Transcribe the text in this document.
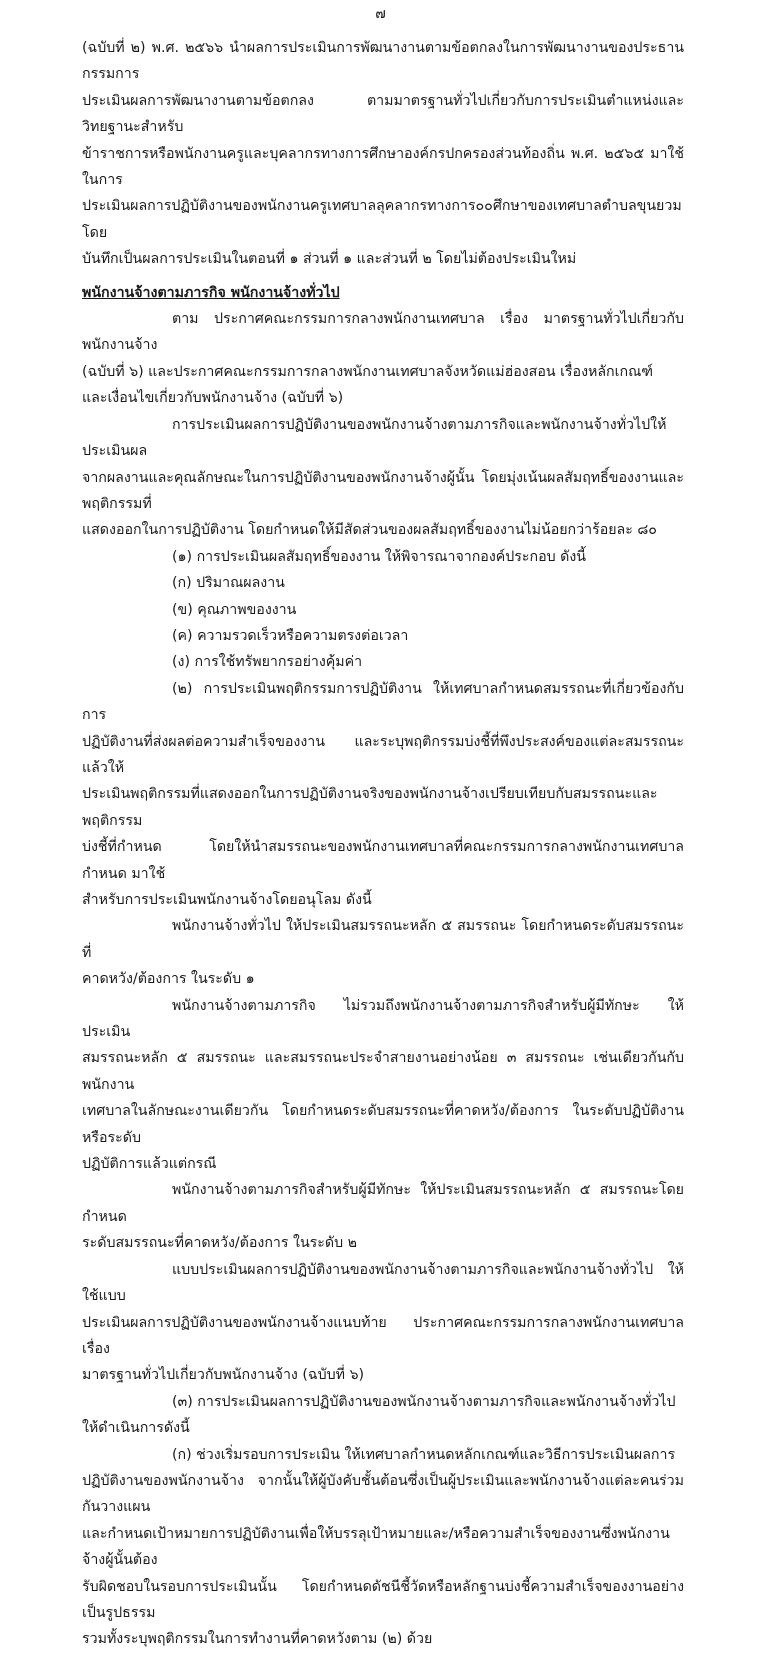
๗
(ฉบับที่ ๒) พ.ศ. ๒๕๖๖ นำผลการประเมินการพัฒนางานตามข้อตกลงในการพัฒนางานของประธานกรรมการ
ประเมินผลการพัฒนางานตามข้อตกลง ตามมาตรฐานทั่วไปเกี่ยวกับการประเมินตำแหน่งและวิทยฐานะสำหรับ
ข้าราชการหรือพนักงานครูและบุคลากรทางการศึกษาองค์กรปกครองส่วนท้องถิ่น พ.ศ. ๒๕๖๕ มาใช้ในการ
ประเมินผลการปฏิบัติงานของพนักงานครูเทศบาลลุคลากรทางการ๐๐ศึกษาของเทศบาลตำบลขุนยวม โดย
บันทึกเป็นผลการประเมินในตอนที่ ๑ ส่วนที่ ๑ และส่วนที่ ๒ โดยไม่ต้องประเมินใหม่
พนักงานจ้างตามภารกิจ พนักงานจ้างทั่วไป
ตาม ประกาศคณะกรรมการกลางพนักงานเทศบาล เรื่อง มาตรฐานทั่วไปเกี่ยวกับพนักงานจ้าง
(ฉบับที่ ๖) และประกาศคณะกรรมการกลางพนักงานเทศบาลจังหวัดแม่ฮ่องสอน เรื่องหลักเกณฑ์
และเงื่อนไขเกี่ยวกับพนักงานจ้าง (ฉบับที่ ๖)
การประเมินผลการปฏิบัติงานของพนักงานจ้างตามภารกิจและพนักงานจ้างทั่วไปให้ประเมินผล
จากผลงานและคุณลักษณะในการปฏิบัติงานของพนักงานจ้างผู้นั้น โดยมุ่งเน้นผลสัมฤทธิ์ของงานและพฤติกรรมที่
แสดงออกในการปฏิบัติงาน โดยกำหนดให้มีสัดส่วนของผลสัมฤทธิ์ของงานไม่น้อยกว่าร้อยละ ๘๐
(๑) การประเมินผลสัมฤทธิ์ของงาน ให้พิจารณาจากองค์ประกอบ ดังนี้
(ก) ปริมาณผลงาน
(ข) คุณภาพของงาน
(ค) ความรวดเร็วหรือความตรงต่อเวลา
(ง) การใช้ทรัพยากรอย่างคุ้มค่า
(๒) การประเมินพฤติกรรมการปฏิบัติงาน ให้เทศบาลกำหนดสมรรถนะที่เกี่ยวข้องกับการ
ปฏิบัติงานที่ส่งผลต่อความสำเร็จของงาน และระบุพฤติกรรมบ่งชี้ที่พึงประสงค์ของแต่ละสมรรถนะแล้วให้
ประเมินพฤติกรรมที่แสดงออกในการปฏิบัติงานจริงของพนักงานจ้างเปรียบเทียบกับสมรรถนะและพฤติกรรม
บ่งชี้ที่กำหนด โดยให้นำสมรรถนะของพนักงานเทศบาลที่คณะกรรมการกลางพนักงานเทศบาลกำหนด มาใช้
สำหรับการประเมินพนักงานจ้างโดยอนุโลม ดังนี้
พนักงานจ้างทั่วไป ให้ประเมินสมรรถนะหลัก ๕ สมรรถนะ โดยกำหนดระดับสมรรถนะที่
คาดหวัง/ต้องการ ในระดับ ๑
พนักงานจ้างตามภารกิจ ไม่รวมถึงพนักงานจ้างตามภารกิจสำหรับผู้มีทักษะ ให้ประเมิน
สมรรถนะหลัก ๕ สมรรถนะ และสมรรถนะประจำสายงานอย่างน้อย ๓ สมรรถนะ เช่นเดียวกันกับพนักงาน
เทศบาลในลักษณะงานเดียวกัน โดยกำหนดระดับสมรรถนะที่คาดหวัง/ต้องการ ในระดับปฏิบัติงาน หรือระดับ
ปฏิบัติการแล้วแต่กรณี
พนักงานจ้างตามภารกิจสำหรับผู้มีทักษะ ให้ประเมินสมรรถนะหลัก ๕ สมรรถนะโดยกำหนด
ระดับสมรรถนะที่คาดหวัง/ต้องการ ในระดับ ๒
แบบประเมินผลการปฏิบัติงานของพนักงานจ้างตามภารกิจและพนักงานจ้างทั่วไป ให้ใช้แบบ
ประเมินผลการปฏิบัติงานของพนักงานจ้างแนบท้าย ประกาศคณะกรรมการกลางพนักงานเทศบาล เรื่อง
มาตรฐานทั่วไปเกี่ยวกับพนักงานจ้าง (ฉบับที่ ๖)
(๓) การประเมินผลการปฏิบัติงานของพนักงานจ้างตามภารกิจและพนักงานจ้างทั่วไป
ให้ดำเนินการดังนี้
(ก) ช่วงเริ่มรอบการประเมิน ให้เทศบาลกำหนดหลักเกณฑ์และวิธีการประเมินผลการ
ปฏิบัติงานของพนักงานจ้าง จากนั้นให้ผู้บังคับชั้นต้อนซึ่งเป็นผู้ประเมินและพนักงานจ้างแต่ละคนร่วมกันวางแผน
และกำหนดเป้าหมายการปฏิบัติงานเพื่อให้บรรลุเป้าหมายและ/หรือความสำเร็จของงานซึ่งพนักงานจ้างผู้นั้นต้อง
รับผิดชอบในรอบการประเมินนั้น โดยกำหนดดัชนีชี้วัดหรือหลักฐานบ่งชี้ความสำเร็จของงานอย่างเป็นรูปธรรม
รวมทั้งระบุพฤติกรรมในการทำงานที่คาดหวังตาม (๒) ด้วย
